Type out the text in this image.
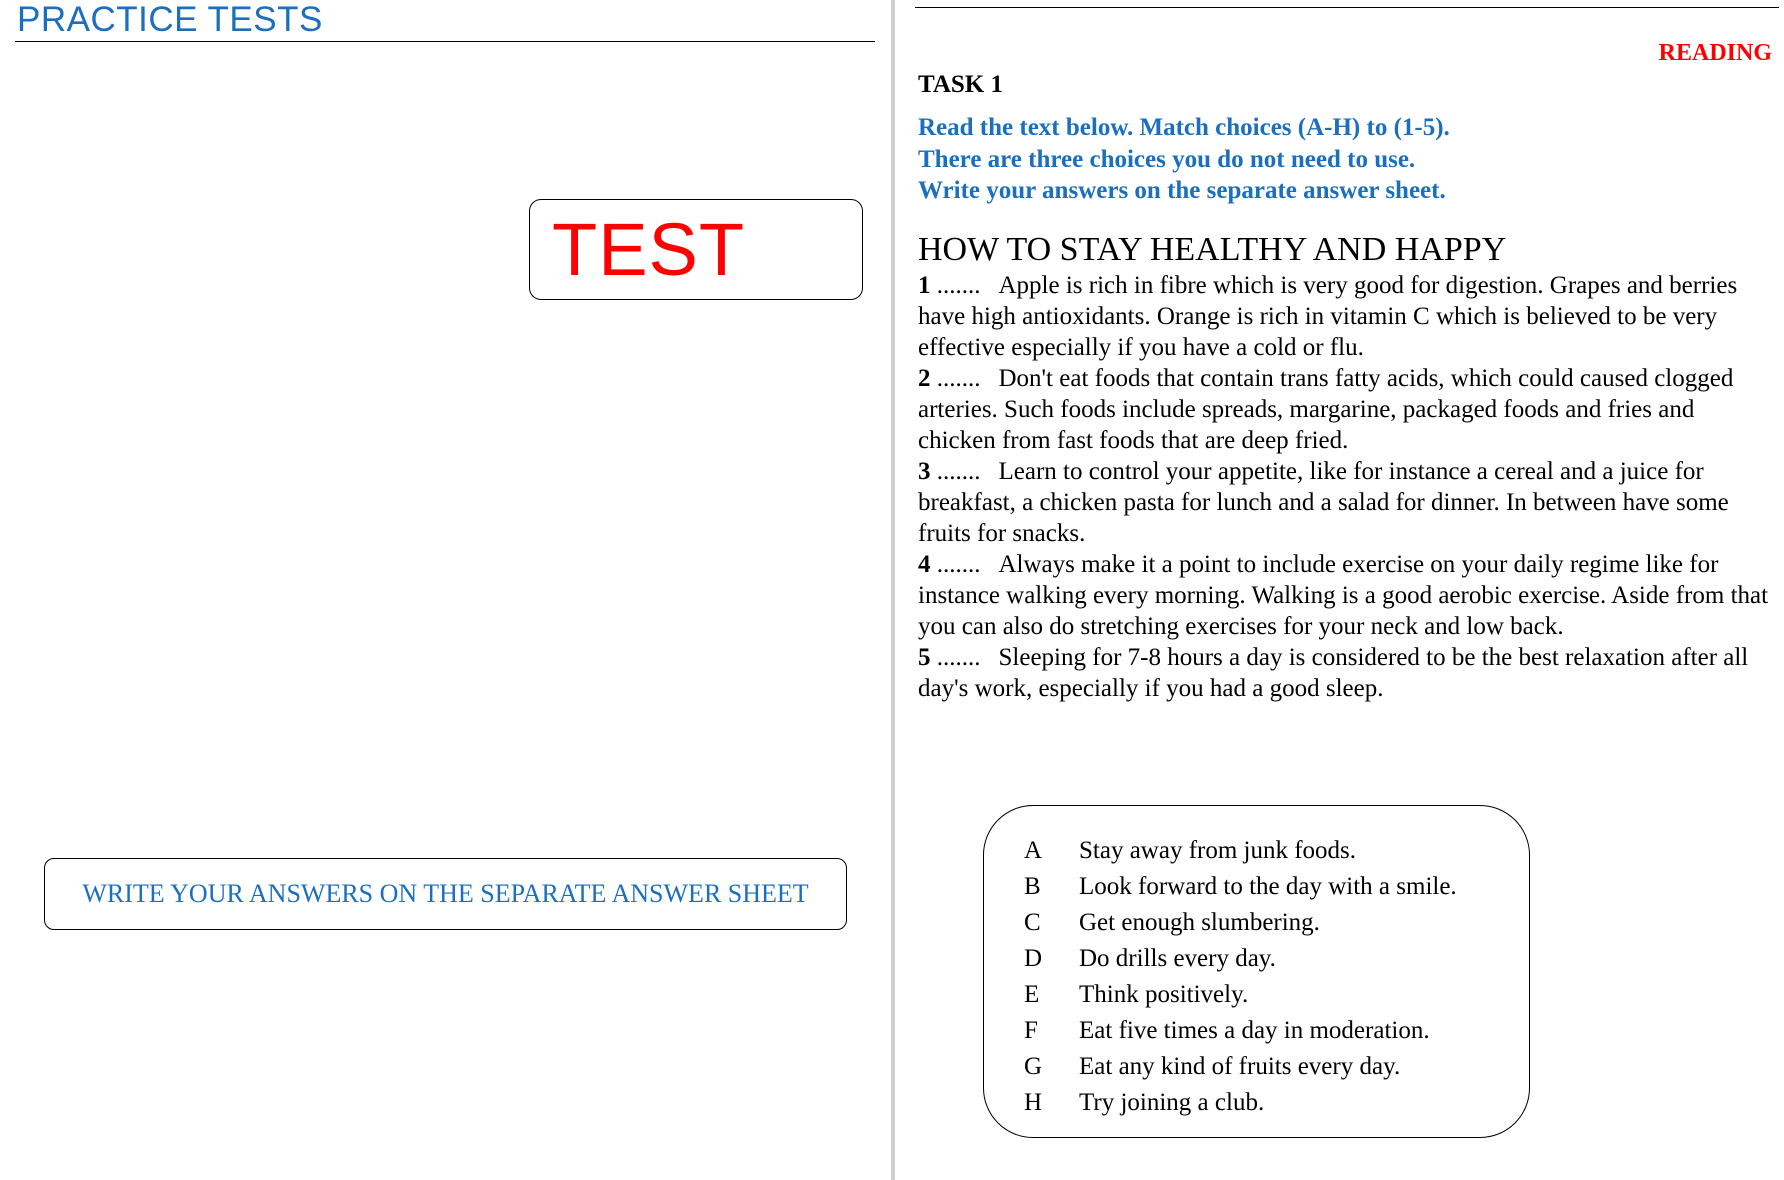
PRACTICE TESTS
TEST
WRITE YOUR ANSWERS ON THE SEPARATE ANSWER SHEET
READING
TASK 1
Read the text below. Match choices (A-H) to (1-5).
There are three choices you do not need to use.
Write your answers on the separate answer sheet.
HOW TO STAY HEALTHY AND HAPPY

1 ....... Apple is rich in fibre which is very good for digestion. Grapes and berries have high antioxidants. Orange is rich in vitamin C which is believed to be very effective especially if you have a cold or flu.

2 ....... Don't eat foods that contain trans fatty acids, which could caused clogged arteries. Such foods include spreads, margarine, packaged foods and fries and chicken from fast foods that are deep fried.

3 ....... Learn to control your appetite, like for instance a cereal and a juice for breakfast, a chicken pasta for lunch and a salad for dinner. In between have some fruits for snacks.

4 ....... Always make it a point to include exercise on your daily regime like for instance walking every morning. Walking is a good aerobic exercise. Aside from that you can also do stretching exercises for your neck and low back.

5 ....... Sleeping for 7-8 hours a day is considered to be the best relaxation after all day's work, especially if you had a good sleep.

A	Stay away from junk foods.
B	Look forward to the day with a smile.
C	Get enough slumbering.
D	Do drills every day.
E	Think positively.
F	Eat five times a day in moderation.
G	Eat any kind of fruits every day.
H	Try joining a club.
